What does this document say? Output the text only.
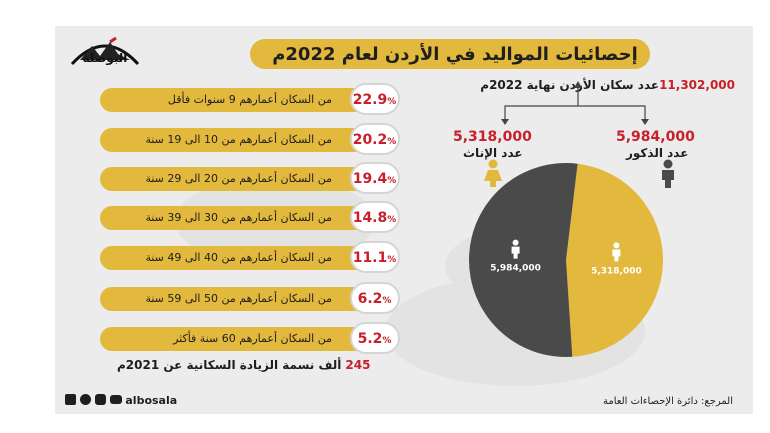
إحصائيات المواليد في الأردن لعام 2022م
البوصلة
من السكان أعمارهم 9 سنوات فأقل 22.9%
من السكان أعمارهم من 10 الى 19 سنة 20.2%
من السكان أعمارهم من 20 الى 29 سنة 19.4%
من السكان أعمارهم من 30 الى 39 سنة 14.8%
من السكان أعمارهم من 40 الى 49 سنة 11.1%
من السكان أعمارهم من 50 الى 59 سنة	6.2%
من السكان أعمارهم 60 سنة فأكثر	5.2%
245ألف نسمة الزيادة السكانية عن 2021م
11,302,000عدد سكان الأردن نهاية 2022م
5,318,000
5,984,000
5,318,000
عدد الإناث
5,984,000
عدد الذكور
albosala	المرجع: دائرة الإحصاءات العامة
